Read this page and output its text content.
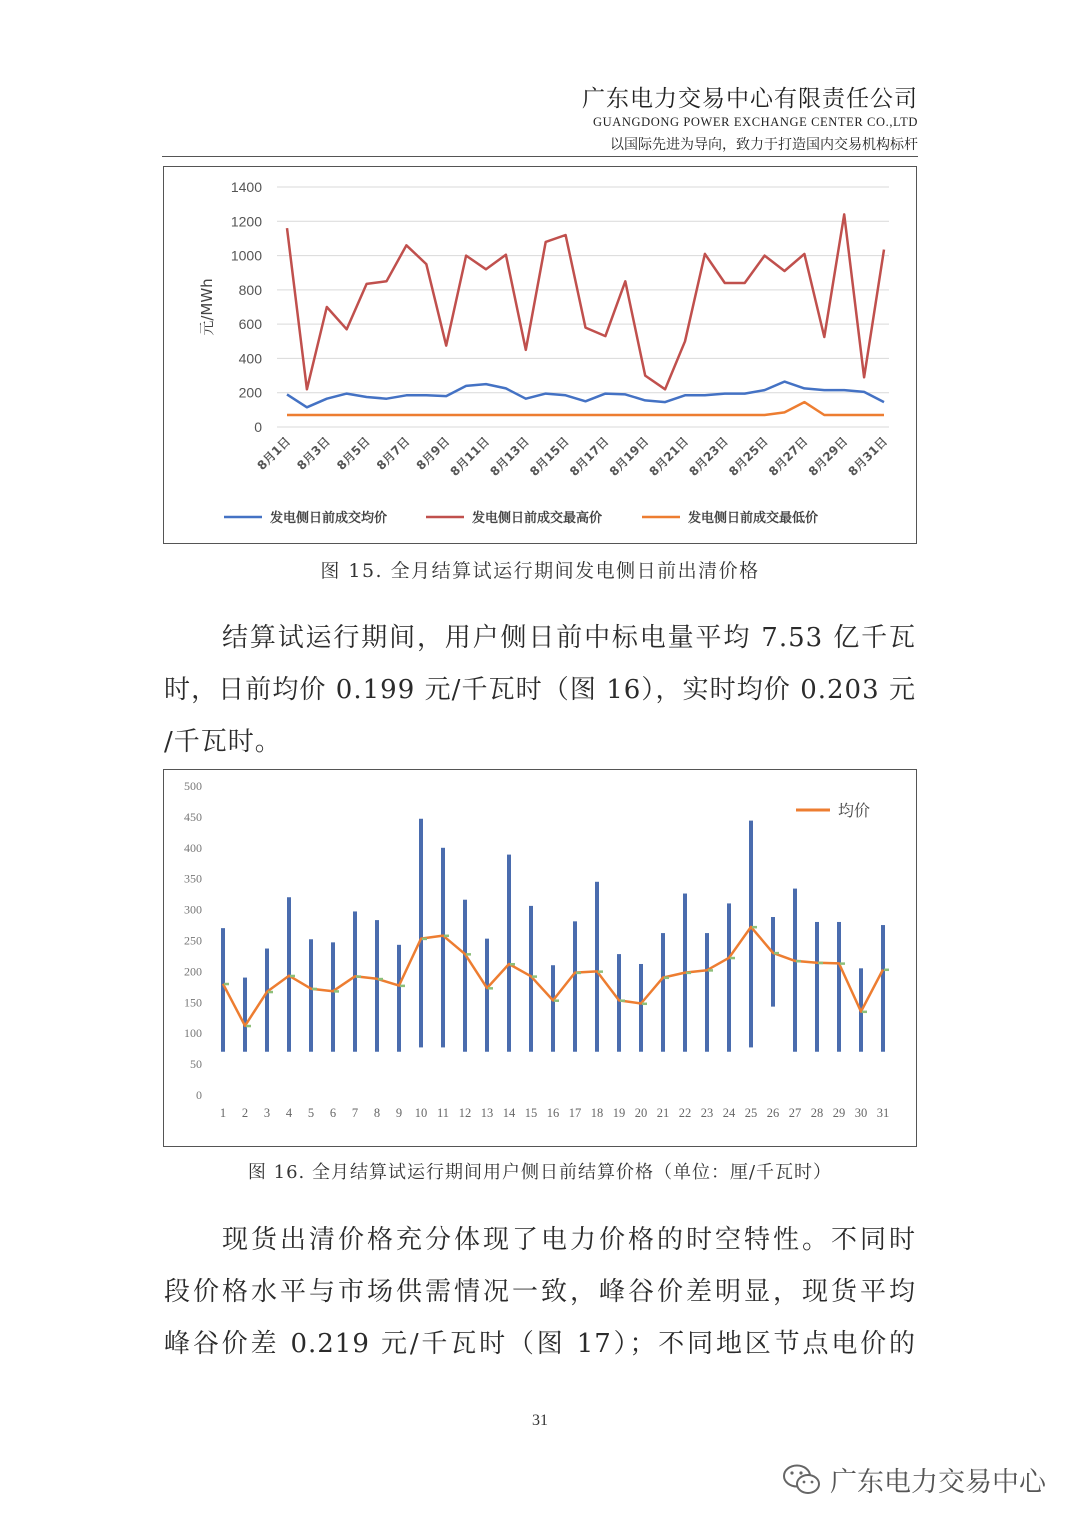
广东电力交易中心有限责任公司
GUANGDONG POWER EXCHANGE CENTER CO.,LTD
以国际先进为导向，致力于打造国内交易机构标杆
0
200
400
600
800
1000
1200
1400
元/MWh
8月1日 8月3日 8月5日 8月7日 8月9日
8月11日
8月13日
8月15日
8月17日
8月19日
8月21日
8月23日
8月25日
8月27日
8月29日
8月31日
发电侧日前成交均价	发电侧日前成交最高价	发电侧日前成交最低价
图 15. 全月结算试运行期间发电侧日前出清价格
结算试运行期间，用户侧日前中标电量平均 7.53 亿千瓦
时，日前均价 0.199 元/千瓦时（图 16），实时均价 0.203 元
/千瓦时。
0
50
100
150
200
250
300
350
400
450
500
1 2 3 4 5 6 7 8 9 10 11 12 13 14 15 16 17 18 19 20 21 22 23 24 25 26 27 28 29 30 31
均价
图 16. 全月结算试运行期间用户侧日前结算价格（单位：厘/千瓦时）
现货出清价格充分体现了电力价格的时空特性。不同时
段价格水平与市场供需情况一致，峰谷价差明显，现货平均
峰谷价差 0.219 元/千瓦时（图 17）；不同地区节点电价的
31
广东电力交易中心
